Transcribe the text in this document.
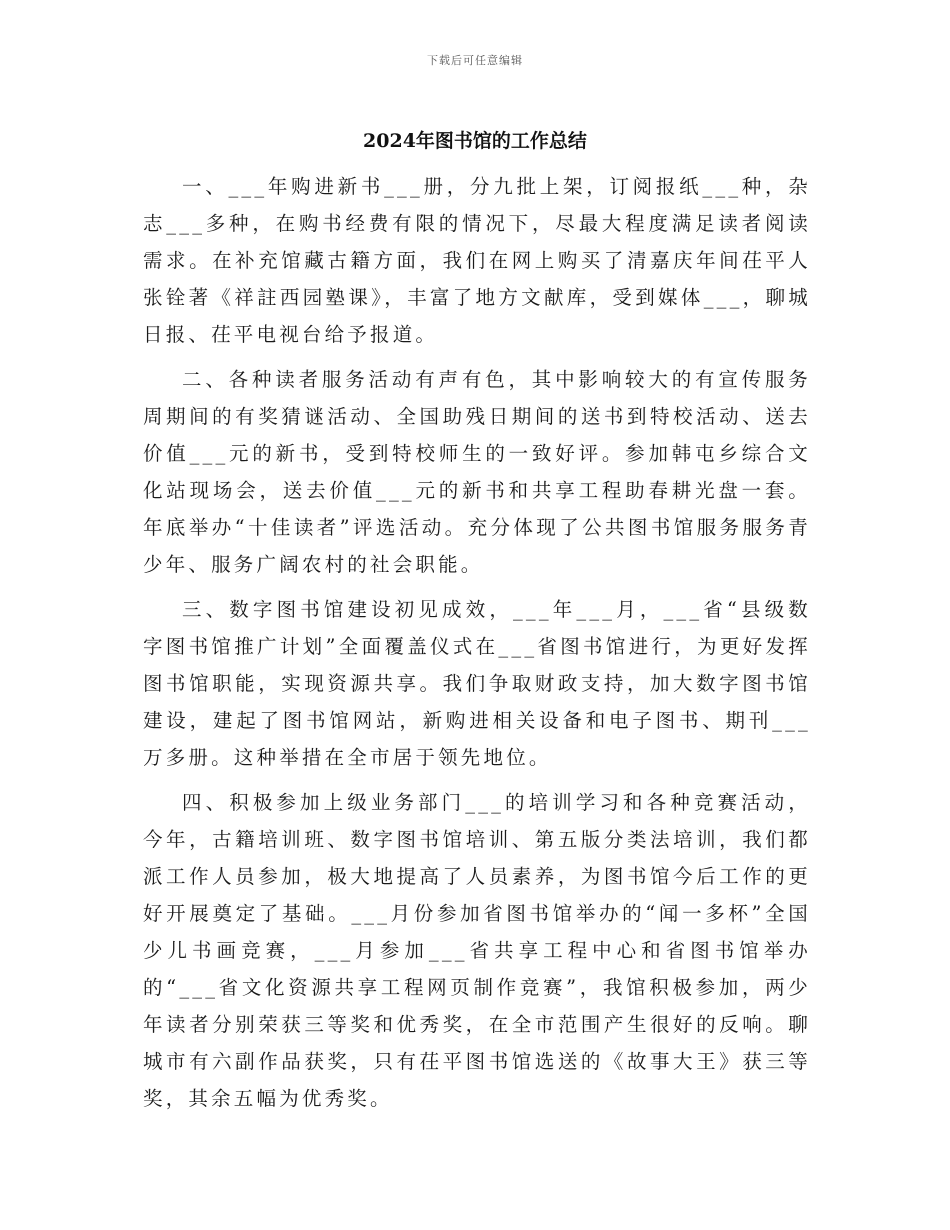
下载后可任意编辑
2024年图书馆的工作总结

一、___年购进新书___册，分九批上架，订阅报纸___种，杂志___多种，在购书经费有限的情况下，尽最大程度满足读者阅读需求。在补充馆藏古籍方面，我们在网上购买了清嘉庆年间茌平人张铨著《祥註西园塾课》，丰富了地方文献库，受到媒体___，聊城日报、茌平电视台给予报道。

二、各种读者服务活动有声有色，其中影响较大的有宣传服务周期间的有奖猜谜活动、全国助残日期间的送书到特校活动、送去价值___元的新书，受到特校师生的一致好评。参加韩屯乡综合文化站现场会，送去价值___元的新书和共享工程助春耕光盘一套。年底举办“十佳读者”评选活动。充分体现了公共图书馆服务服务青少年、服务广阔农村的社会职能。

三、数字图书馆建设初见成效，___年___月，___省“县级数字图书馆推广计划”全面覆盖仪式在___省图书馆进行，为更好发挥图书馆职能，实现资源共享。我们争取财政支持，加大数字图书馆建设，建起了图书馆网站，新购进相关设备和电子图书、期刊___万多册。这种举措在全市居于领先地位。

四、积极参加上级业务部门___的培训学习和各种竞赛活动，今年，古籍培训班、数字图书馆培训、第五版分类法培训，我们都派工作人员参加，极大地提高了人员素养，为图书馆今后工作的更好开展奠定了基础。___月份参加省图书馆举办的“闻一多杯”全国少儿书画竞赛，___月参加___省共享工程中心和省图书馆举办的“___省文化资源共享工程网页制作竞赛”，我馆积极参加，两少年读者分别荣获三等奖和优秀奖，在全市范围产生很好的反响。聊城市有六副作品获奖，只有茌平图书馆选送的《故事大王》获三等奖，其余五幅为优秀奖。
